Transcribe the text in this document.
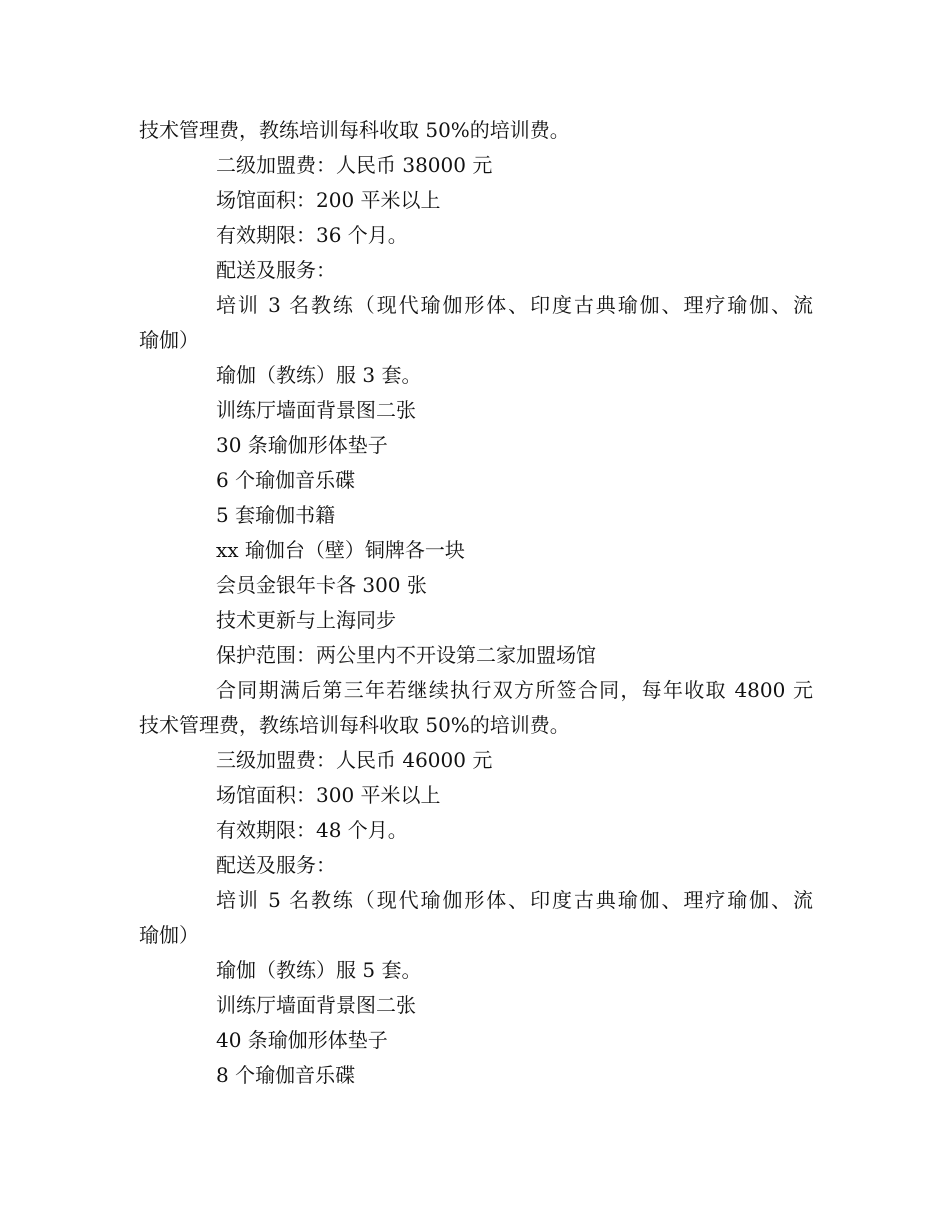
技术管理费，教练培训每科收取 50%的培训费。
二级加盟费：人民币 38000 元
场馆面积：200 平米以上
有效期限：36 个月。
配送及服务：
培训 3 名教练（现代瑜伽形体、印度古典瑜伽、理疗瑜伽、流
瑜伽）
瑜伽（教练）服 3 套。
训练厅墙面背景图二张
30 条瑜伽形体垫子
6 个瑜伽音乐碟
5 套瑜伽书籍
xx 瑜伽台（壁）铜牌各一块
会员金银年卡各 300 张
技术更新与上海同步
保护范围：两公里内不开设第二家加盟场馆
合同期满后第三年若继续执行双方所签合同，每年收取 4800 元
技术管理费，教练培训每科收取 50%的培训费。
三级加盟费：人民币 46000 元
场馆面积：300 平米以上
有效期限：48 个月。
配送及服务：
培训 5 名教练（现代瑜伽形体、印度古典瑜伽、理疗瑜伽、流
瑜伽）
瑜伽（教练）服 5 套。
训练厅墙面背景图二张
40 条瑜伽形体垫子
8 个瑜伽音乐碟
